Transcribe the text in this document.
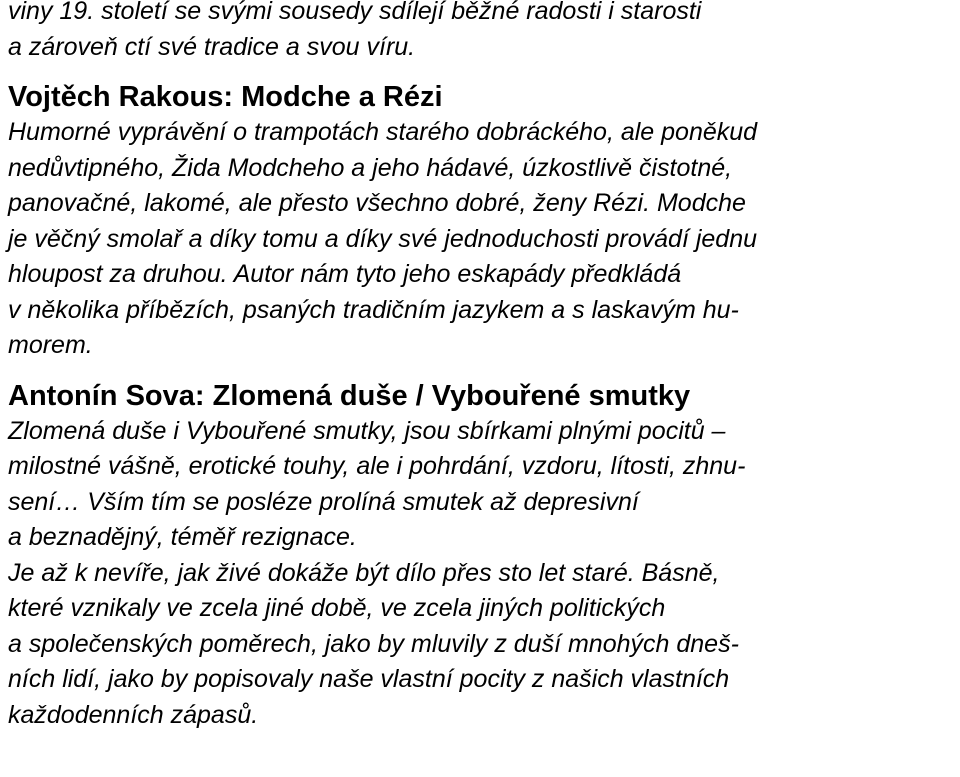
viny 19. století se svými sousedy sdílejí běžné radosti i starosti
a zároveň ctí své tradice a svou víru.
Vojtěch Rakous: Modche a Rézi
Humorné vyprávění o trampotách starého dobráckého, ale poněkud
nedůvtipného, Žida Modcheho a jeho hádavé, úzkostlivě čistotné,
panovačné, lakomé, ale přesto všechno dobré, ženy Rézi. Modche
je věčný smolař a díky tomu a díky své jednoduchosti provádí jednu
hloupost za druhou. Autor nám tyto jeho eskapády předkládá
v několika příbězích, psaných tradičním jazykem a s laskavým hu-
morem.
Antonín Sova: Zlomená duše / Vybouřené smutky
Zlomená duše i Vybouřené smutky, jsou sbírkami plnými pocitů –
milostné vášně, erotické touhy, ale i pohrdání, vzdoru, lítosti, zhnu-
sení… Vším tím se posléze prolíná smutek až depresivní
a beznadějný, téměř rezignace.
Je až k nevíře, jak živé dokáže být dílo přes sto let staré. Básně,
které vznikaly ve zcela jiné době, ve zcela jiných politických
a společenských poměrech, jako by mluvily z duší mnohých dneš-
ních lidí, jako by popisovaly naše vlastní pocity z našich vlastních
každodenních zápasů.
